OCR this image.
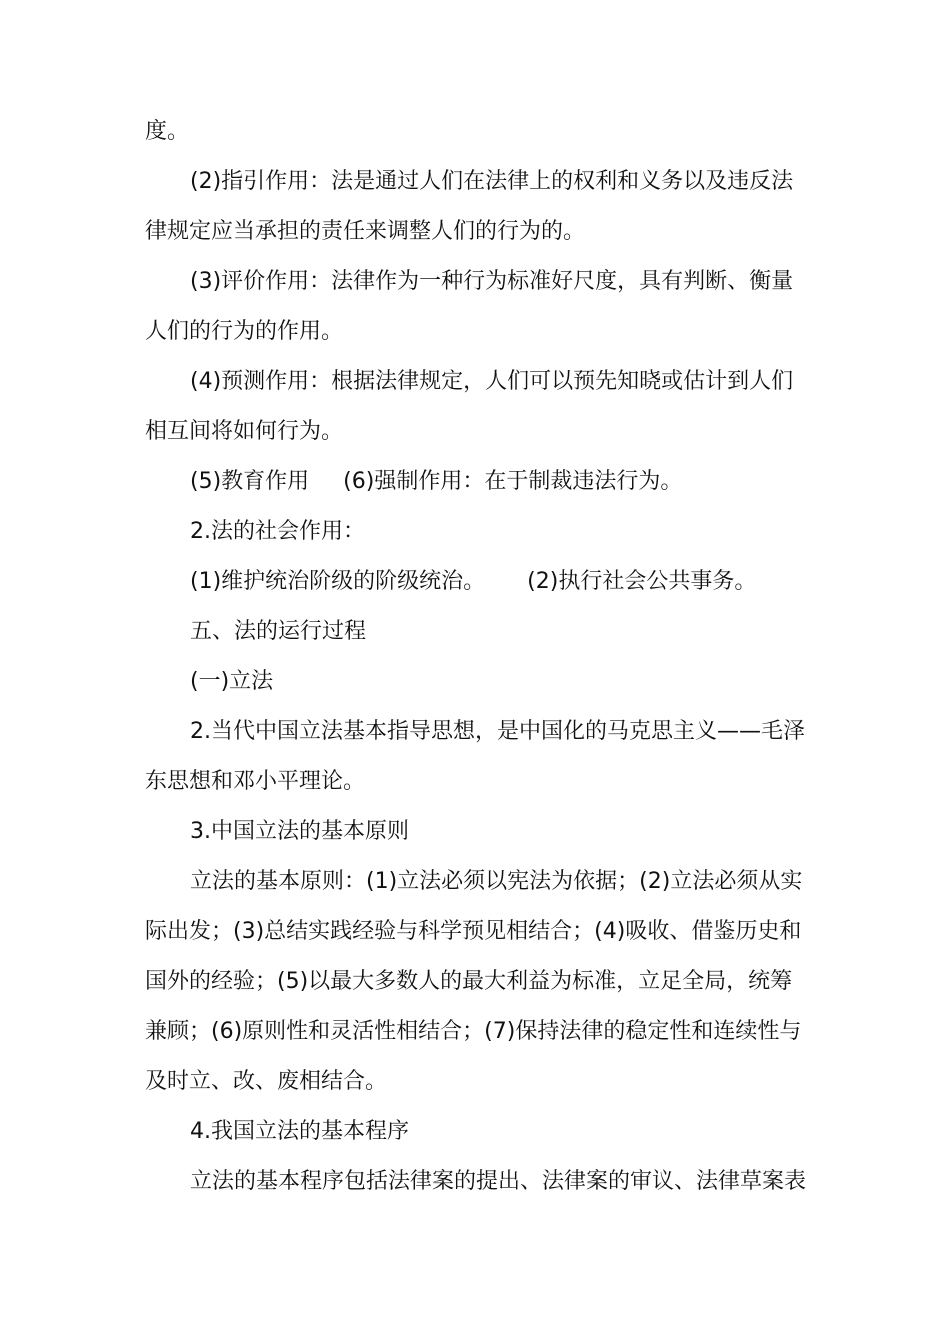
度。
(2)指引作用：法是通过人们在法律上的权利和义务以及违反法
律规定应当承担的责任来调整人们的行为的。
(3)评价作用：法律作为一种行为标准好尺度，具有判断、衡量
人们的行为的作用。
(4)预测作用：根据法律规定，人们可以预先知晓或估计到人们
相互间将如何行为。
(5)教育作用 (6)强制作用：在于制裁违法行为。
2.法的社会作用：
(1)维护统治阶级的阶级统治。 (2)执行社会公共事务。
五、法的运行过程
(一)立法
2.当代中国立法基本指导思想，是中国化的马克思主义——毛泽
东思想和邓小平理论。
3.中国立法的基本原则
立法的基本原则：(1)立法必须以宪法为依据；(2)立法必须从实
际出发；(3)总结实践经验与科学预见相结合；(4)吸收、借鉴历史和
国外的经验；(5)以最大多数人的最大利益为标准，立足全局，统筹
兼顾；(6)原则性和灵活性相结合；(7)保持法律的稳定性和连续性与
及时立、改、废相结合。
4.我国立法的基本程序
立法的基本程序包括法律案的提出、法律案的审议、法律草案表
